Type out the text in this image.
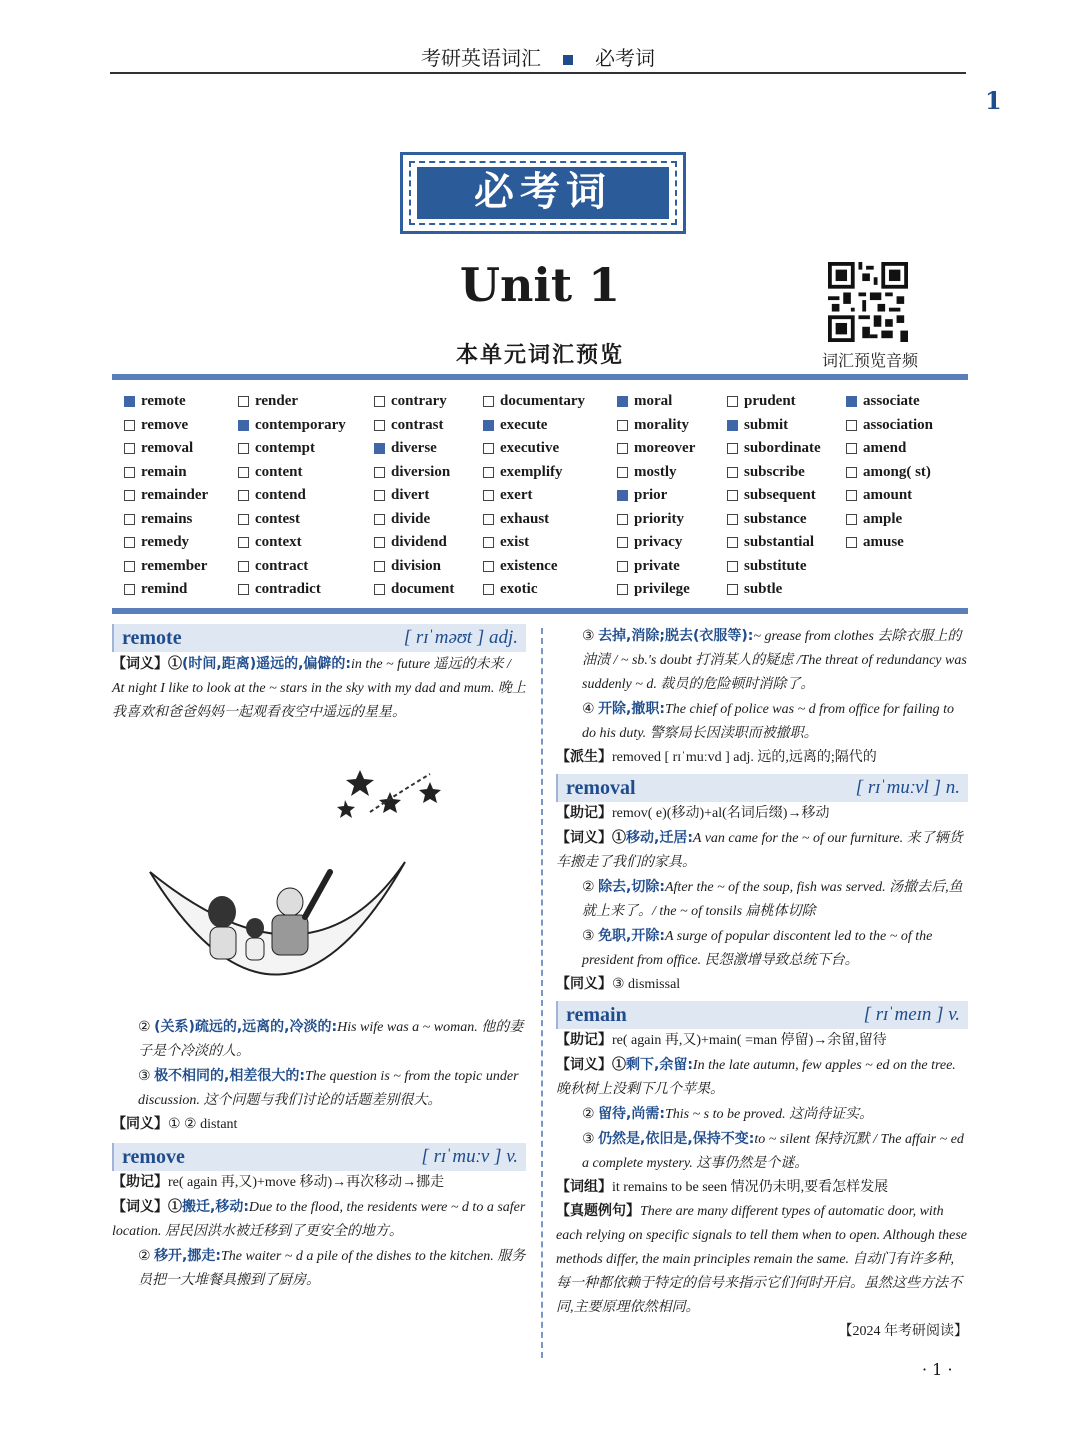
考研英语词汇	必考词
1
必考词
Unit 1
本单元词汇预览	词汇预览音频
remote
remove
removal
remain
remainder
remains
remedy
remember
remind
render
contemporary
contempt
content
contend
contest
context
contract
contradict
contrary
contrast
diverse
diversion
divert
divide
dividend
division
document
documentary
execute
executive
exemplify
exert
exhaust
exist
existence
exotic
moral
morality
moreover
mostly
prior
priority
privacy
private
privilege
prudent
submit
subordinate
subscribe
subsequent
substance
substantial
substitute
subtle
associate
association
amend
among( st)
amount
ample
amuse
remote	[ rɪˈməʊt ] adj.

【词义】①(时间,距离)遥远的,偏僻的:in the ~ future 遥远的未来 / At night I like to look at the ~ stars in the sky with my dad and mum. 晚上我喜欢和爸爸妈妈一起观看夜空中遥远的星星。

② (关系)疏远的,远离的,冷淡的:His wife was a ~ woman. 他的妻子是个冷淡的人。

③ 极不相同的,相差很大的:The question is ~ from the topic under discussion. 这个问题与我们讨论的话题差别很大。

【同义】① ② distant

remove	[ rɪˈmuːv ] v.

【助记】re( again 再,又)+move 移动)→再次移动→挪走

【词义】①搬迁,移动:Due to the flood, the residents were ~ d to a safer location. 居民因洪水被迁移到了更安全的地方。

② 移开,挪走:The waiter ~ d a pile of the dishes to the kitchen. 服务员把一大堆餐具搬到了厨房。

③ 去掉,消除;脱去(衣服等):~ grease from clothes 去除衣服上的油渍 / ~ sb.'s doubt 打消某人的疑虑 /The threat of redundancy was suddenly ~ d. 裁员的危险顿时消除了。

④ 开除,撤职:The chief of police was ~ d from office for failing to do his duty. 警察局长因渎职而被撤职。

【派生】removed [ rɪˈmuːvd ] adj. 远的,远离的;隔代的

removal	[ rɪˈmuːvl ] n.

【助记】remov( e)(移动)+al(名词后缀)→移动

【词义】①移动,迁居:A van came for the ~ of our furniture. 来了辆货车搬走了我们的家具。

② 除去,切除:After the ~ of the soup, fish was served. 汤撤去后,鱼就上来了。/ the ~ of tonsils 扁桃体切除

③ 免职,开除:A surge of popular discontent led to the ~ of the president from office. 民怨激增导致总统下台。

【同义】③ dismissal

remain	[ rɪˈmeɪn ] v.

【助记】re( again 再,又)+main( =man 停留)→余留,留待

【词义】①剩下,余留:In the late autumn, few apples ~ ed on the tree. 晚秋树上没剩下几个苹果。

② 留待,尚需:This ~ s to be proved. 这尚待证实。

③ 仍然是,依旧是,保持不变:to ~ silent 保持沉默 / The affair ~ ed a complete mystery. 这事仍然是个谜。

【词组】it remains to be seen 情况仍未明,要看怎样发展

【真题例句】There are many different types of automatic door, with each relying on specific signals to tell them when to open. Although these methods differ, the main principles remain the same. 自动门有许多种,每一种都依赖于特定的信号来指示它们何时开启。虽然这些方法不同,主要原理依然相同。

【2024 年考研阅读】

· 1 ·
